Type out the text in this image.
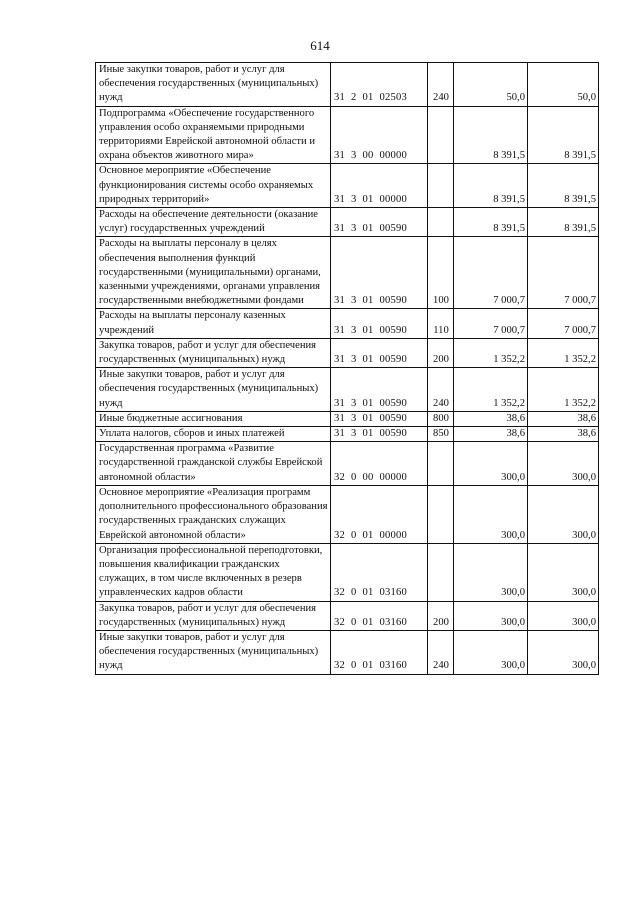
614
Иные закупки товаров, работ и услуг для обеспечения государственных (муниципальных) нужд	31 2 01 02503	240	50,0	50,0
Подпрограмма «Обеспечение государственного управления особо охраняемыми природными территориями Еврейской автономной области и охрана объектов животного мира»	31 3 00 00000		8 391,5	8 391,5
Основное мероприятие «Обеспечение функционирования системы особо охраняемых природных территорий»	31 3 01 00000		8 391,5	8 391,5
Расходы на обеспечение деятельности (оказание услуг) государственных учреждений	31 3 01 00590		8 391,5	8 391,5
Расходы на выплаты персоналу в целях обеспечения выполнения функций государственными (муниципальными) органами, казенными учреждениями, органами управления государственными внебюджетными фондами	31 3 01 00590	100	7 000,7	7 000,7
Расходы на выплаты персоналу казенных учреждений	31 3 01 00590	110	7 000,7	7 000,7
Закупка товаров, работ и услуг для обеспечения государственных (муниципальных) нужд	31 3 01 00590	200	1 352,2	1 352,2
Иные закупки товаров, работ и услуг для обеспечения государственных (муниципальных) нужд	31 3 01 00590	240	1 352,2	1 352,2
Иные бюджетные ассигнования	31 3 01 00590	800	38,6	38,6
Уплата налогов, сборов и иных платежей	31 3 01 00590	850	38,6	38,6
Государственная программа «Развитие государственной гражданской службы Еврейской автономной области»	32 0 00 00000		300,0	300,0
Основное мероприятие «Реализация программ дополнительного профессионального образования государственных гражданских служащих Еврейской автономной области»	32 0 01 00000		300,0	300,0
Организация профессиональной переподготовки, повышения квалификации гражданских служащих, в том числе включенных в резерв управленческих кадров области	32 0 01 03160		300,0	300,0
Закупка товаров, работ и услуг для обеспечения государственных (муниципальных) нужд	32 0 01 03160	200	300,0	300,0
Иные закупки товаров, работ и услуг для обеспечения государственных (муниципальных) нужд	32 0 01 03160	240	300,0	300,0
